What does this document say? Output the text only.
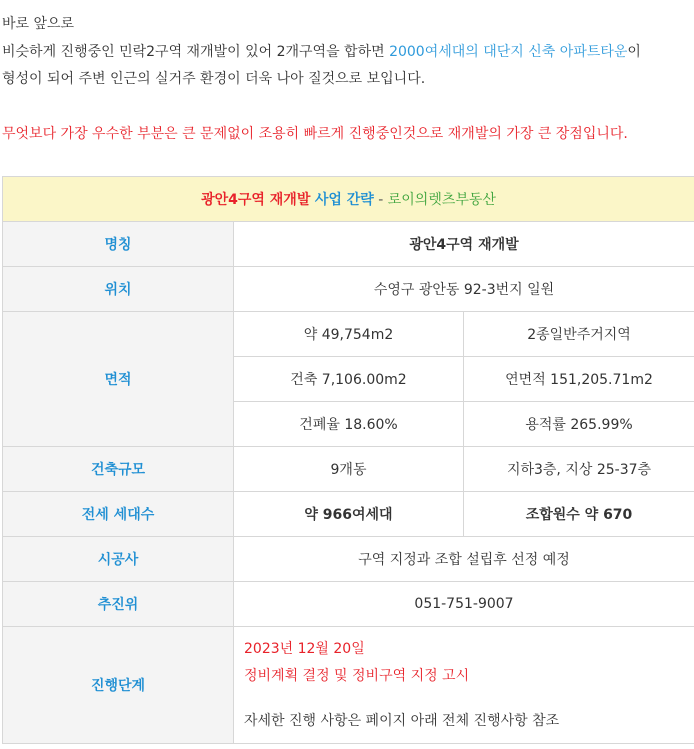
바로 앞으로
비슷하게 진행중인 민락2구역 재개발이 있어 2개구역을 합하면 2000여세대의 대단지 신축 아파트타운이
형성이 되어 주변 인근의 실거주 환경이 더욱 나아 질것으로 보입니다.
무엇보다 가장 우수한 부분은 큰 문제없이 조용히 빠르게 진행중인것으로 재개발의 가장 큰 장점입니다.
광안4구역 재개발 사업 간략 - 로이의렛츠부동산		
명칭	광안4구역 재개발	
위치	수영구 광안동 92-3번지 일원	
면적	약 49,754m2	2종일반주거지역
	건축 7,106.00m2	연면적 151,205.71m2
	건폐율 18.60%	용적률 265.99%
건축규모	9개동	지하3층, 지상 25-37층
전세 세대수	약 966여세대	조합원수 약 670
시공사	구역 지정과 조합 설립후 선정 예정	
추진위	051-751-9007	
진행단계	2023년 12월 20일
정비계획 결정 및 정비구역 지정 고시
자세한 진행 사항은 페이지 아래 전체 진행사항 참조	
